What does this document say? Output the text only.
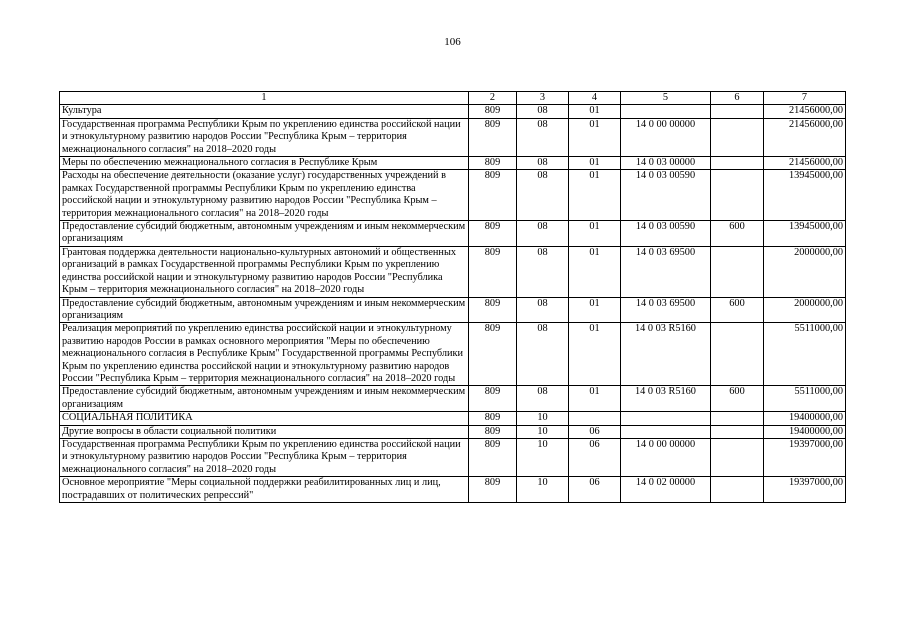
106
1	2	3	4	5	6	7
Культура	809	08	01			21456000,00
Государственная программа Республики Крым по укреплению единства российской нации и этнокультурному развитию народов России "Республика Крым – территория межнационального согласия" на 2018–2020 годы	809	08	01	14 0 00 00000		21456000,00
Меры по обеспечению межнационального согласия в Республике Крым	809	08	01	14 0 03 00000		21456000,00
Расходы на обеспечение деятельности (оказание услуг) государственных учреждений в рамках Государственной программы Республики Крым по укреплению единства российской нации и этнокультурному развитию народов России "Республика Крым – территория межнационального согласия" на 2018–2020 годы	809	08	01	14 0 03 00590		13945000,00
Предоставление субсидий бюджетным, автономным учреждениям и иным некоммерческим организациям	809	08	01	14 0 03 00590	600	13945000,00
Грантовая поддержка деятельности национально-культурных автономий и общественных организаций в рамках Государственной программы Республики Крым по укреплению единства российской нации и этнокультурному развитию народов России "Республика Крым – территория межнационального согласия" на 2018–2020 годы	809	08	01	14 0 03 69500		2000000,00
Предоставление субсидий бюджетным, автономным учреждениям и иным некоммерческим организациям	809	08	01	14 0 03 69500	600	2000000,00
Реализация мероприятий по укреплению единства российской нации и этнокультурному развитию народов России в рамках основного мероприятия "Меры по обеспечению межнационального согласия в Республике Крым" Государственной программы Республики Крым по укреплению единства российской нации и этнокультурному развитию народов России "Республика Крым – территория межнационального согласия" на 2018–2020 годы	809	08	01	14 0 03 R5160		5511000,00
Предоставление субсидий бюджетным, автономным учреждениям и иным некоммерческим организациям	809	08	01	14 0 03 R5160	600	5511000,00
СОЦИАЛЬНАЯ ПОЛИТИКА	809	10				19400000,00
Другие вопросы в области социальной политики	809	10	06			19400000,00
Государственная программа Республики Крым по укреплению единства российской нации и этнокультурному развитию народов России "Республика Крым – территория межнационального согласия" на 2018–2020 годы	809	10	06	14 0 00 00000		19397000,00
Основное мероприятие "Меры социальной поддержки реабилитированных лиц и лиц, пострадавших от политических репрессий"	809	10	06	14 0 02 00000		19397000,00
